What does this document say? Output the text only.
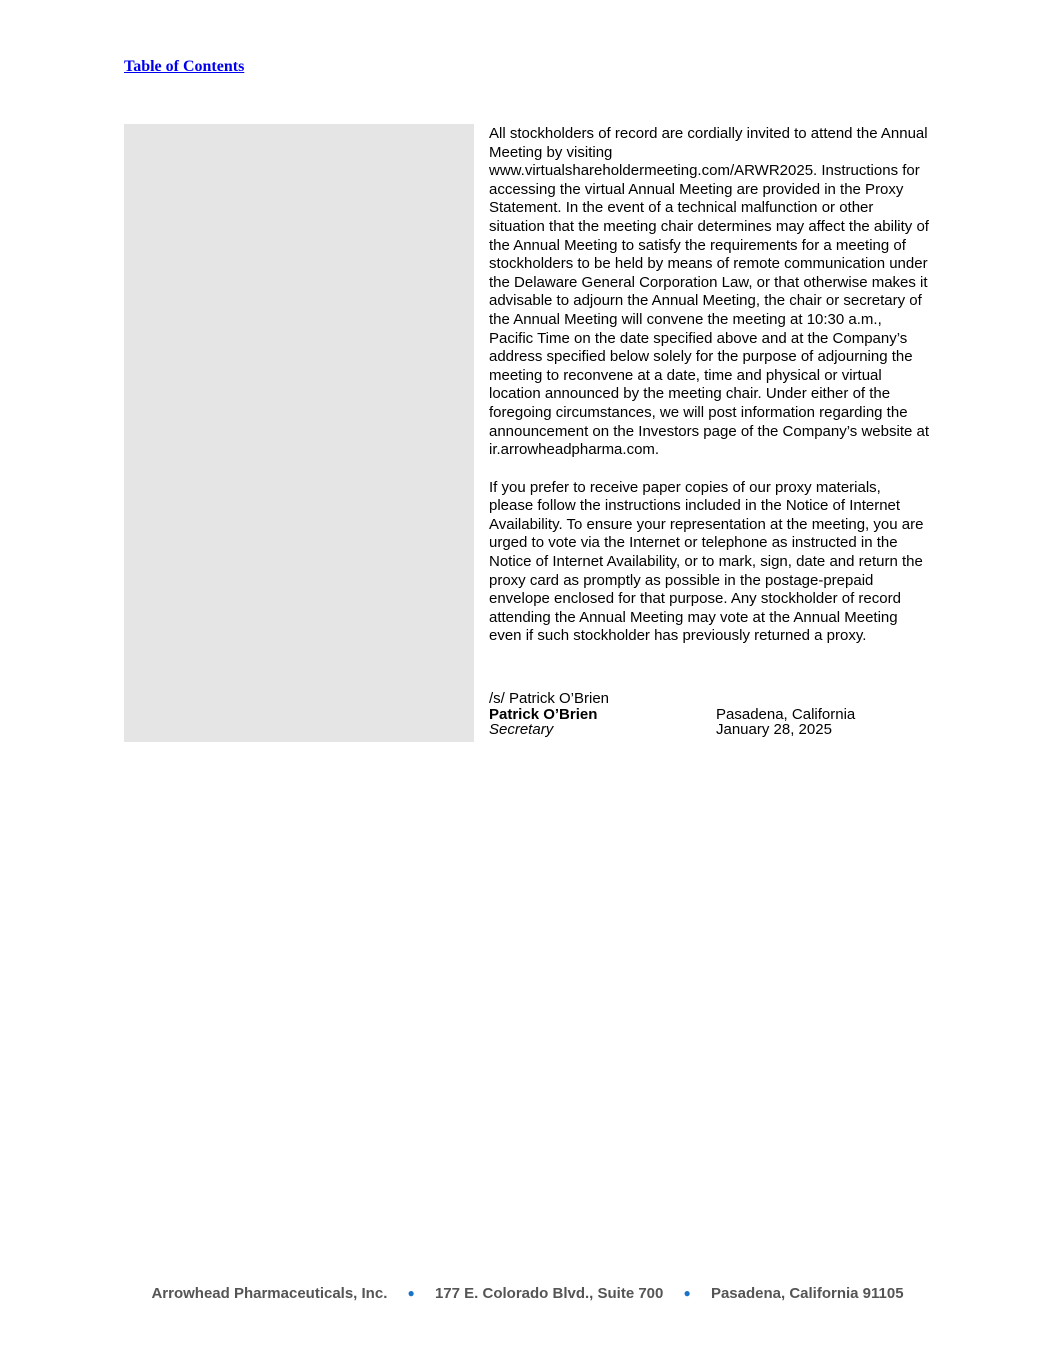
Table of Contents

All stockholders of record are cordially invited to attend the Annual Meeting by visiting www.virtualshareholdermeeting.com/ARWR2025. Instructions for accessing the virtual Annual Meeting are provided in the Proxy Statement. In the event of a technical malfunction or other situation that the meeting chair determines may affect the ability of the Annual Meeting to satisfy the requirements for a meeting of stockholders to be held by means of remote communication under the Delaware General Corporation Law, or that otherwise makes it advisable to adjourn the Annual Meeting, the chair or secretary of the Annual Meeting will convene the meeting at 10:30 a.m., Pacific Time on the date specified above and at the Company’s address specified below solely for the purpose of adjourning the meeting to reconvene at a date, time and physical or virtual location announced by the meeting chair. Under either of the foregoing circumstances, we will post information regarding the announcement on the Investors page of the Company’s website at ir.arrowheadpharma.com.

If you prefer to receive paper copies of our proxy materials, please follow the instructions included in the Notice of Internet Availability. To ensure your representation at the meeting, you are urged to vote via the Internet or telephone as instructed in the Notice of Internet Availability, or to mark, sign, date and return the proxy card as promptly as possible in the postage-prepaid envelope enclosed for that purpose. Any stockholder of record attending the Annual Meeting may vote at the Annual Meeting even if such stockholder has previously returned a proxy.

/s/ Patrick O’Brien
Patrick O’Brien	Pasadena, California
Secretary	January 28, 2025
Arrowhead Pharmaceuticals, Inc. ● 177 E. Colorado Blvd., Suite 700 ● Pasadena, California 91105
